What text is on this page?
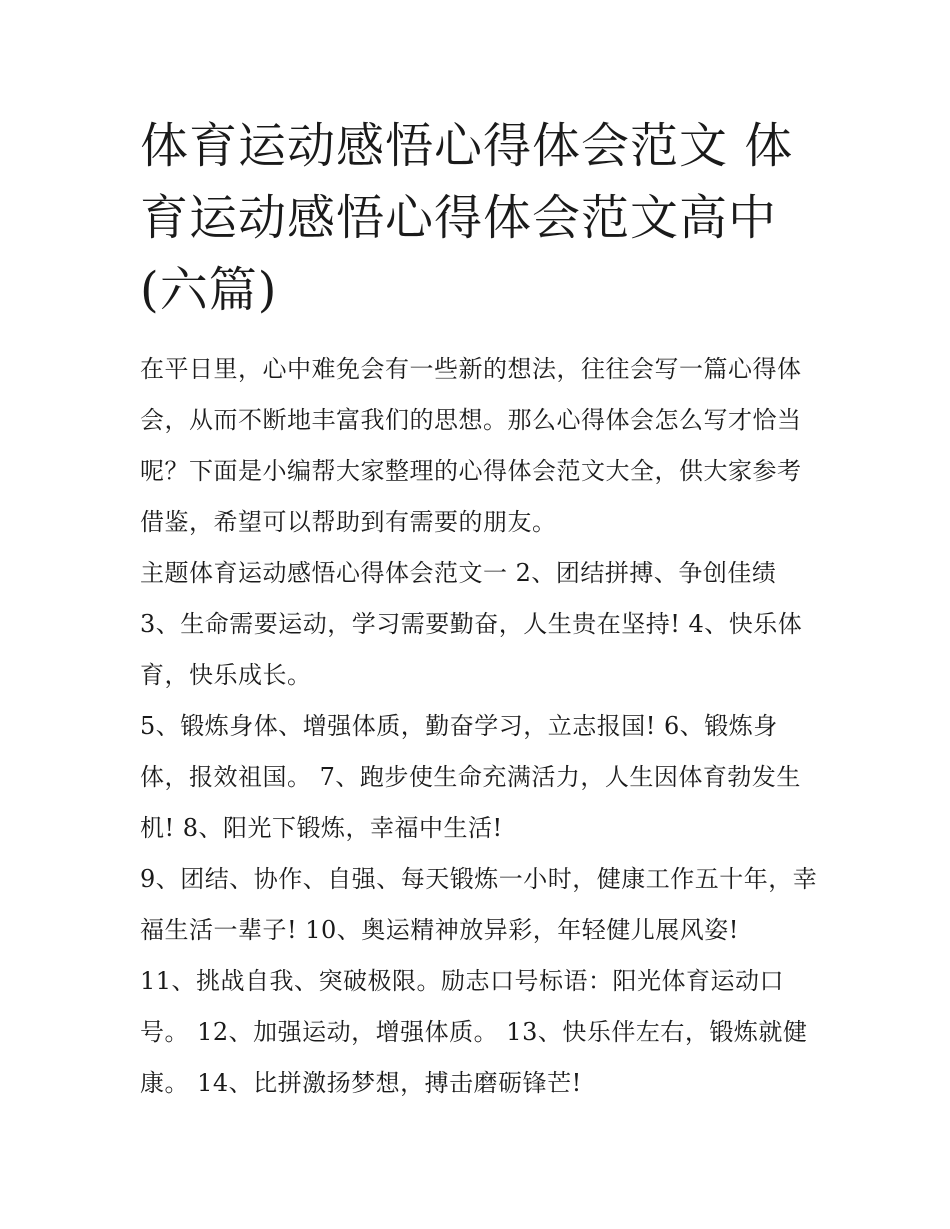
体育运动感悟心得体会范文 体育运动感悟心得体会范文高中(六篇)

在平日里，心中难免会有一些新的想法，往往会写一篇心得体会，从而不断地丰富我们的思想。那么心得体会怎么写才恰当呢？下面是小编帮大家整理的心得体会范文大全，供大家参考借鉴，希望可以帮助到有需要的朋友。

主题体育运动感悟心得体会范文一 2、团结拼搏、争创佳绩

3、生命需要运动，学习需要勤奋，人生贵在坚持! 4、快乐体育，快乐成长。

5、锻炼身体、增强体质，勤奋学习，立志报国! 6、锻炼身体，报效祖国。 7、跑步使生命充满活力，人生因体育勃发生机! 8、阳光下锻炼，幸福中生活!

9、团结、协作、自强、每天锻炼一小时，健康工作五十年，幸福生活一辈子! 10、奥运精神放异彩，年轻健儿展风姿!

11、挑战自我、突破极限。励志口号标语：阳光体育运动口号。 12、加强运动，增强体质。 13、快乐伴左右，锻炼就健康。 14、比拼激扬梦想，搏击磨砺锋芒!
